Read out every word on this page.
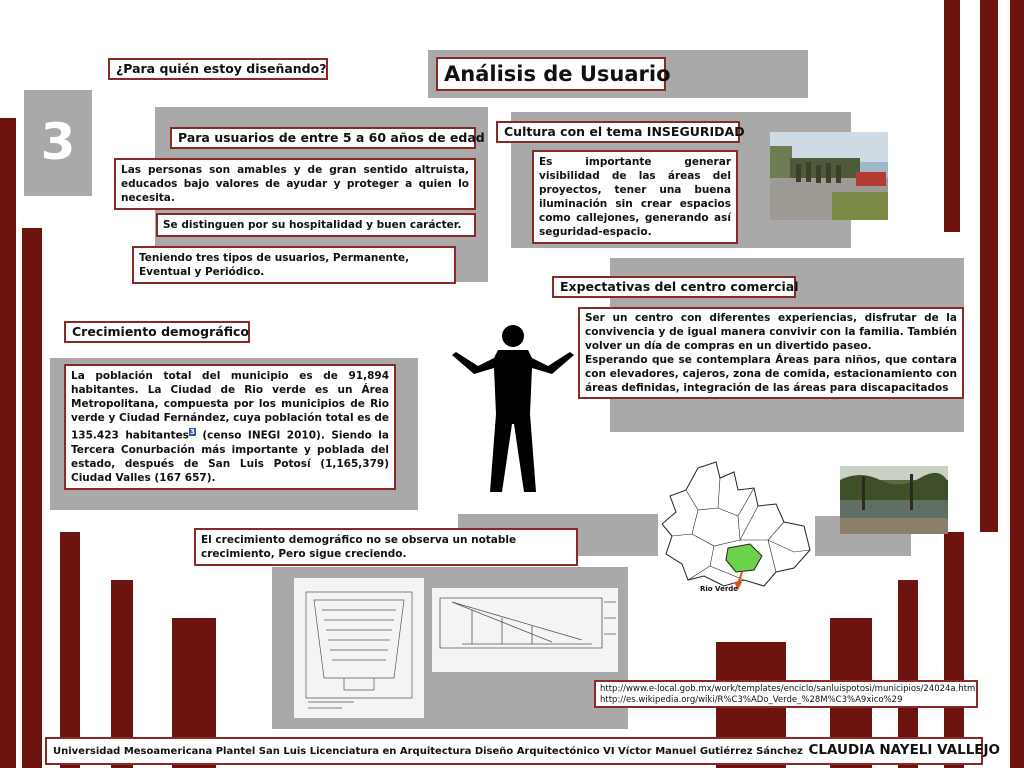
3
¿Para quién estoy diseñando?	Análisis de Usuario
Para usuarios de entre 5 a 60 años de edad
Las personas son amables y de gran sentido altruista, educados bajo valores de ayudar y proteger a quien lo necesita.
Se distinguen por su hospitalidad y buen carácter.
Teniendo tres tipos de usuarios, Permanente, Eventual y Periódico.
Cultura con el tema INSEGURIDAD
Es importante generar visibilidad de las áreas del proyectos, tener una buena iluminación sin crear espacios como callejones, generando así seguridad-espacio.
Expectativas del centro comercial
Ser un centro con diferentes experiencias, disfrutar de la convivencia y de igual manera convivir con la familia. También volver un día de compras en un divertido paseo.
Esperando que se contemplara Áreas para niños, que contara con elevadores, cajeros, zona de comida, estacionamiento con áreas definidas, integración de las áreas para discapacitados
Crecimiento demográfico
La población total del municipio es de 91,894 habitantes. La Ciudad de Rio verde es un Área Metropolitana, compuesta por los municipios de Rio verde y Ciudad Fernández, cuya población total es de 135.423 habitantes$^3$ (censo INEGI 2010). Siendo la Tercera Conurbación más importante y poblada del estado, después de San Luis Potosí (1,165,379) Ciudad Valles (167 657).
El crecimiento demográfico no se observa un notable crecimiento, Pero sigue creciendo.
Rio Verde
http://www.e-local.gob.mx/work/templates/enciclo/sanluispotosi/municipios/24024a.htm
http://es.wikipedia.org/wiki/R%C3%ADo_Verde_%28M%C3%A9xico%29
Universidad Mesoamericana Plantel San Luis Licenciatura en Arquitectura Diseño Arquitectónico VI Víctor Manuel Gutiérrez Sánchez CLAUDIA NAYELI VALLEJO
